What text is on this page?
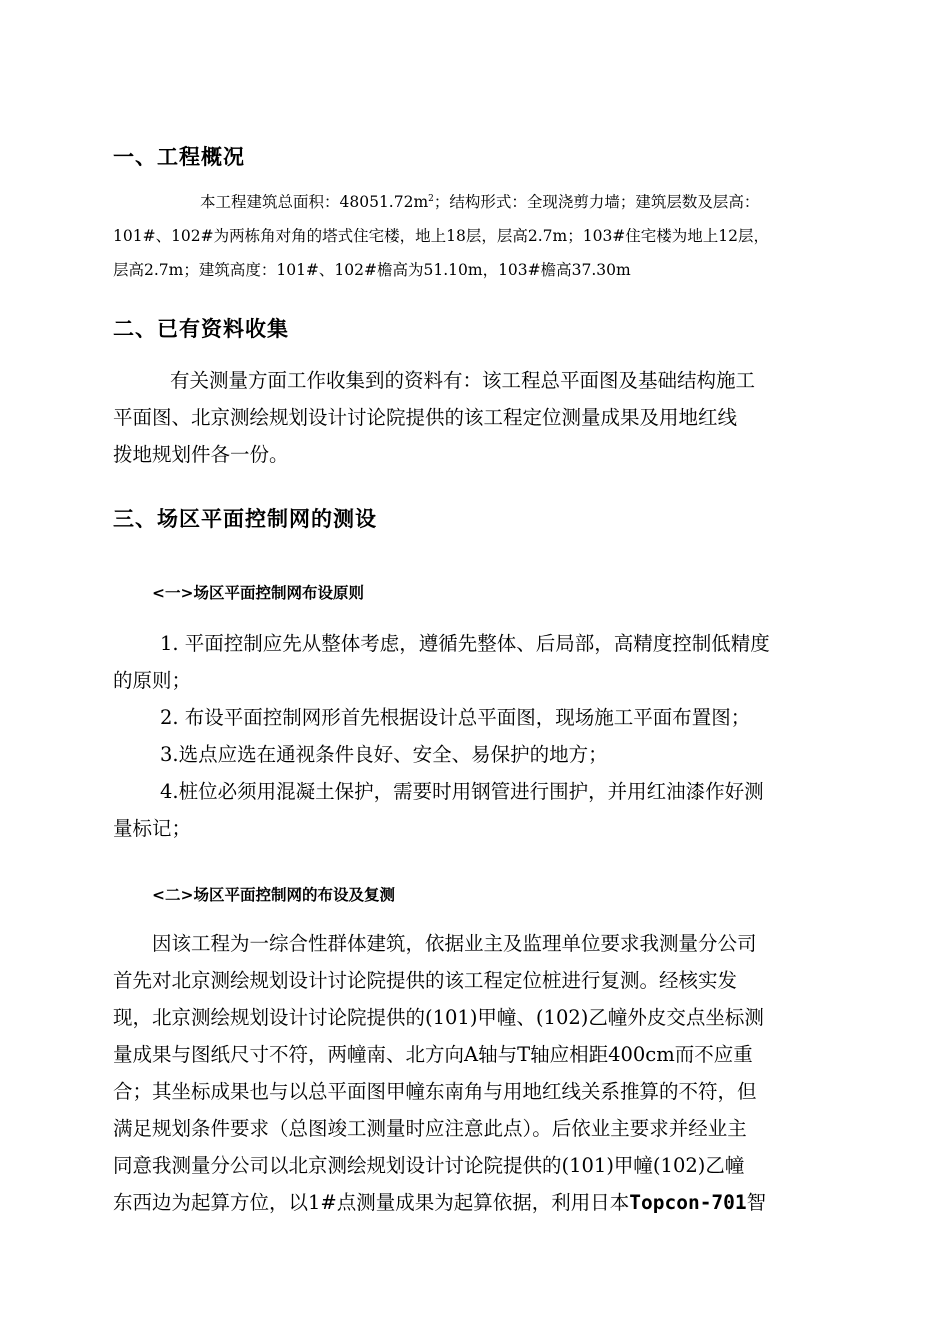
一、工程概况
本工程建筑总面积：$48051.72m^2$；结构形式：全现浇剪力墙；建筑层数及层高：
101#、102#为两栋角对角的塔式住宅楼，地上18层，层高2.7m；103#住宅楼为地上12层，
层高2.7m；建筑高度：101#、102#檐高为51.10m，103#檐高37.30m
二、已有资料收集
有关测量方面工作收集到的资料有：该工程总平面图及基础结构施工
平面图、北京测绘规划设计讨论院提供的该工程定位测量成果及用地红线
拨地规划件各一份。
三、场区平面控制网的测设
<一>场区平面控制网布设原则
1. 平面控制应先从整体考虑，遵循先整体、后局部，高精度控制低精度
的原则；
2. 布设平面控制网形首先根据设计总平面图，现场施工平面布置图；
3.选点应选在通视条件良好、安全、易保护的地方；
4.桩位必须用混凝土保护，需要时用钢管进行围护，并用红油漆作好测
量标记；
<二>场区平面控制网的布设及复测
因该工程为一综合性群体建筑，依据业主及监理单位要求我测量分公司
首先对北京测绘规划设计讨论院提供的该工程定位桩进行复测。经核实发
现，北京测绘规划设计讨论院提供的(101)甲幢、(102)乙幢外皮交点坐标测
量成果与图纸尺寸不符，两幢南、北方向A轴与T轴应相距400cm而不应重
合；其坐标成果也与以总平面图甲幢东南角与用地红线关系推算的不符，但
满足规划条件要求（总图竣工测量时应注意此点）。后依业主要求并经业主
同意我测量分公司以北京测绘规划设计讨论院提供的(101)甲幢(102)乙幢
东西边为起算方位，以1#点测量成果为起算依据，利用日本Topcon-701智
